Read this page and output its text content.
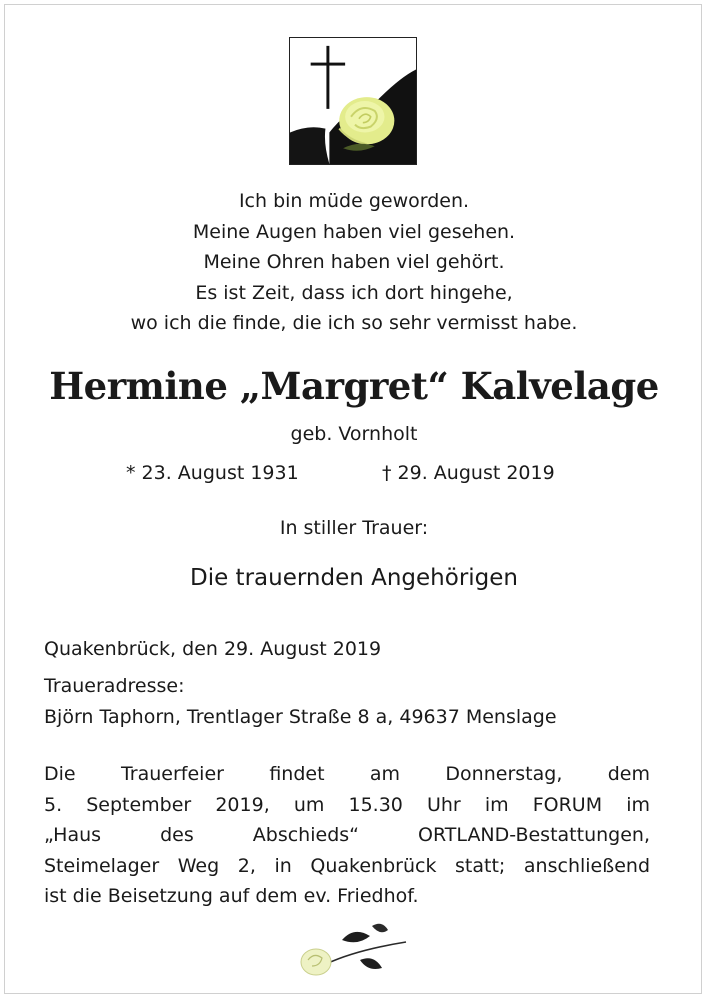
Ich bin müde geworden.
Meine Augen haben viel gesehen.
Meine Ohren haben viel gehört.
Es ist Zeit, dass ich dort hingehe,
wo ich die finde, die ich so sehr vermisst habe.
Hermine „Margret“ Kalvelage
geb. Vornholt
* 23. August 1931	† 29. August 2019
In stiller Trauer:
Die trauernden Angehörigen
Quakenbrück, den 29. August 2019
Traueradresse:
Björn Taphorn, Trentlager Straße 8 a, 49637 Menslage
Die Trauerfeier findet am Donnerstag, dem
5. September 2019, um 15.30 Uhr im FORUM im
„Haus des Abschieds“ ORTLAND-Bestattungen,
Steimelager Weg 2, in Quakenbrück statt; anschließend
ist die Beisetzung auf dem ev. Friedhof.
